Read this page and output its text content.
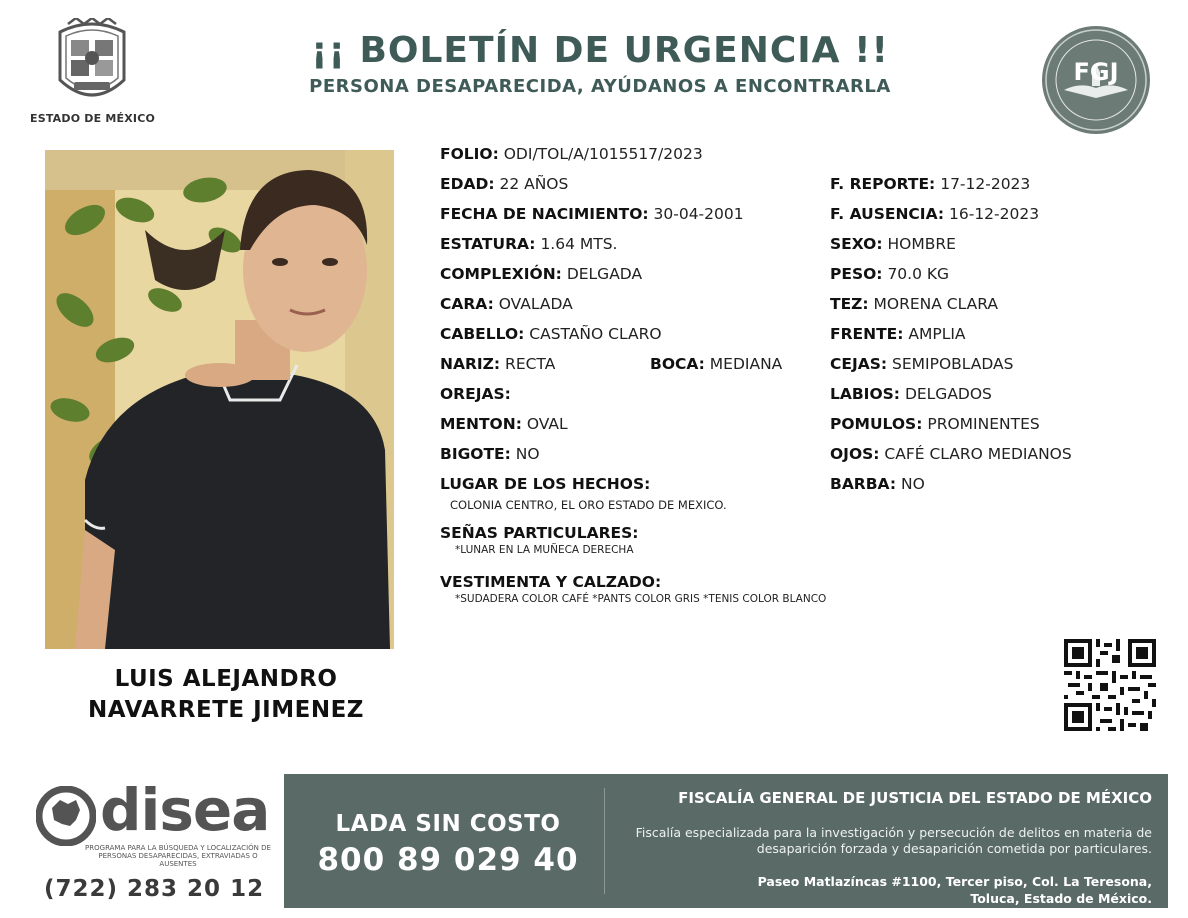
ESTADO DE MÉXICO
¡¡ BOLETÍN DE URGENCIA !!
PERSONA DESAPARECIDA, AYÚDANOS A ENCONTRARLA
FGJ
LUIS ALEJANDRO
NAVARRETE JIMENEZ
FOLIO: ODI/TOL/A/1015517/2023
EDAD: 22 AÑOS
FECHA DE NACIMIENTO: 30-04-2001
ESTATURA: 1.64 MTS.
COMPLEXIÓN: DELGADA
CARA: OVALADA
CABELLO: CASTAÑO CLARO
NARIZ: RECTA	BOCA: MEDIANA
OREJAS:
MENTON: OVAL
BIGOTE: NO
F. REPORTE: 17-12-2023
F. AUSENCIA: 16-12-2023
SEXO: HOMBRE
PESO: 70.0 KG
TEZ: MORENA CLARA
FRENTE: AMPLIA
CEJAS: SEMIPOBLADAS
LABIOS: DELGADOS
POMULOS: PROMINENTES
OJOS: CAFÉ CLARO MEDIANOS
BARBA: NO
LUGAR DE LOS HECHOS:
COLONIA CENTRO, EL ORO ESTADO DE MEXICO.
SEÑAS PARTICULARES:
*LUNAR EN LA MUÑECA DERECHA
VESTIMENTA Y CALZADO:
*SUDADERA COLOR CAFÉ *PANTS COLOR GRIS *TENIS COLOR BLANCO
disea
PROGRAMA PARA LA BÚSQUEDA Y LOCALIZACIÓN DE PERSONAS DESAPARECIDAS, EXTRAVIADAS O AUSENTES
(722) 283 20 12
LADA SIN COSTO
800 89 029 40
FISCALÍA GENERAL DE JUSTICIA DEL ESTADO DE MÉXICO
Fiscalía especializada para la investigación y persecución de delitos en materia de desaparición forzada y desaparición cometida por particulares.
Paseo Matlazíncas #1100, Tercer piso, Col. La Teresona,
Toluca, Estado de México.
